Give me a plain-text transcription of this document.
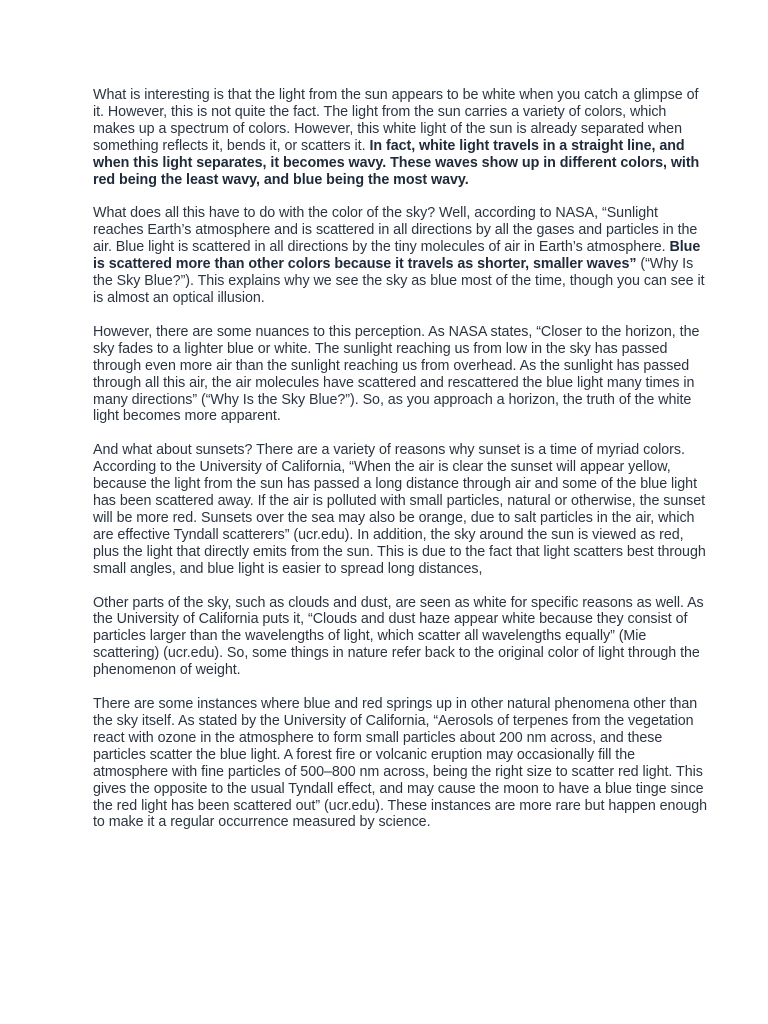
What is interesting is that the light from the sun appears to be white when you catch a glimpse of it. However, this is not quite the fact. The light from the sun carries a variety of colors, which makes up a spectrum of colors. However, this white light of the sun is already separated when something reflects it, bends it, or scatters it. In fact, white light travels in a straight line, and when this light separates, it becomes wavy. These waves show up in different colors, with red being the least wavy, and blue being the most wavy.

What does all this have to do with the color of the sky? Well, according to NASA, “Sunlight reaches Earth’s atmosphere and is scattered in all directions by all the gases and particles in the air. Blue light is scattered in all directions by the tiny molecules of air in Earth’s atmosphere. Blue is scattered more than other colors because it travels as shorter, smaller waves” (“Why Is the Sky Blue?”). This explains why we see the sky as blue most of the time, though you can see it is almost an optical illusion.

However, there are some nuances to this perception. As NASA states, “Closer to the horizon, the sky fades to a lighter blue or white. The sunlight reaching us from low in the sky has passed through even more air than the sunlight reaching us from overhead. As the sunlight has passed through all this air, the air molecules have scattered and rescattered the blue light many times in many directions” (“Why Is the Sky Blue?”). So, as you approach a horizon, the truth of the white light becomes more apparent.

And what about sunsets? There are a variety of reasons why sunset is a time of myriad colors. According to the University of California, “When the air is clear the sunset will appear yellow, because the light from the sun has passed a long distance through air and some of the blue light has been scattered away. If the air is polluted with small particles, natural or otherwise, the sunset will be more red. Sunsets over the sea may also be orange, due to salt particles in the air, which are effective Tyndall scatterers” (ucr.edu). In addition, the sky around the sun is viewed as red, plus the light that directly emits from the sun. This is due to the fact that light scatters best through small angles, and blue light is easier to spread long distances,

Other parts of the sky, such as clouds and dust, are seen as white for specific reasons as well. As the University of California puts it, “Clouds and dust haze appear white because they consist of particles larger than the wavelengths of light, which scatter all wavelengths equally” (Mie scattering) (ucr.edu). So, some things in nature refer back to the original color of light through the phenomenon of weight.

There are some instances where blue and red springs up in other natural phenomena other than the sky itself. As stated by the University of California, “Aerosols of terpenes from the vegetation react with ozone in the atmosphere to form small particles about 200 nm across, and these particles scatter the blue light. A forest fire or volcanic eruption may occasionally fill the atmosphere with fine particles of 500–800 nm across, being the right size to scatter red light. This gives the opposite to the usual Tyndall effect, and may cause the moon to have a blue tinge since the red light has been scattered out” (ucr.edu). These instances are more rare but happen enough to make it a regular occurrence measured by science.
